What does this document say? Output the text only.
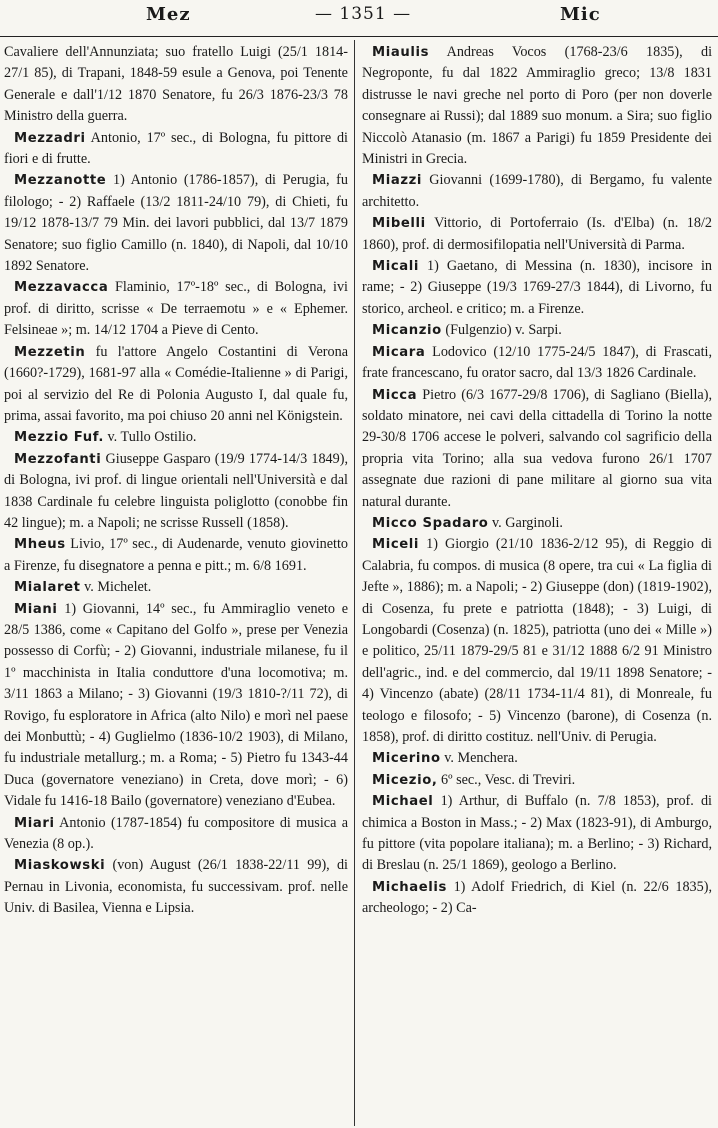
Mez	— 1351 —	Mic

Cavaliere dell'Annunziata; suo fratello Luigi (25/1 1814-27/1 85), di Trapani, 1848-59 esule a Genova, poi Tenente Generale e dall'1/12 1870 Senatore, fu 26/3 1876-23/3 78 Ministro della guerra.

Mezzadri Antonio, 17º sec., di Bologna, fu pittore di fiori e di frutte.

Mezzanotte 1) Antonio (1786-1857), di Perugia, fu filologo; - 2) Raffaele (13/2 1811-24/10 79), di Chieti, fu 19/12 1878-13/7 79 Min. dei lavori pubblici, dal 13/7 1879 Senatore; suo figlio Camillo (n. 1840), di Napoli, dal 10/10 1892 Senatore.

Mezzavacca Flaminio, 17º-18º sec., di Bologna, ivi prof. di diritto, scrisse « De terraemotu » e « Ephemer. Felsineae »; m. 14/12 1704 a Pieve di Cento.

Mezzetin fu l'attore Angelo Costantini di Verona (1660?-1729), 1681-97 alla « Comédie-Italienne » di Parigi, poi al servizio del Re di Polonia Augusto I, dal quale fu, prima, assai favorito, ma poi chiuso 20 anni nel Königstein.

Mezzio Fuf. v. Tullo Ostilio.

Mezzofanti Giuseppe Gasparo (19/9 1774-14/3 1849), di Bologna, ivi prof. di lingue orientali nell'Università e dal 1838 Cardinale fu celebre linguista poliglotto (conobbe fin 42 lingue); m. a Napoli; ne scrisse Russell (1858).

Mheus Livio, 17º sec., di Audenarde, venuto giovinetto a Firenze, fu disegnatore a penna e pitt.; m. 6/8 1691.

Mialaret v. Michelet.

Miani 1) Giovanni, 14º sec., fu Ammiraglio veneto e 28/5 1386, come « Capitano del Golfo », prese per Venezia possesso di Corfù; - 2) Giovanni, industriale milanese, fu il 1º macchinista in Italia conduttore d'una locomotiva; m. 3/11 1863 a Milano; - 3) Giovanni (19/3 1810-?/11 72), di Rovigo, fu esploratore in Africa (alto Nilo) e morì nel paese dei Monbuttù; - 4) Guglielmo (1836-10/2 1903), di Milano, fu industriale metallurg.; m. a Roma; - 5) Pietro fu 1343-44 Duca (governatore veneziano) in Creta, dove morì; - 6) Vidale fu 1416-18 Bailo (governatore) veneziano d'Eubea.

Miari Antonio (1787-1854) fu compositore di musica a Venezia (8 op.).

Miaskowski (von) August (26/1 1838-22/11 99), di Pernau in Livonia, economista, fu successivam. prof. nelle Univ. di Basilea, Vienna e Lipsia.

Miaulis Andreas Vocos (1768-23/6 1835), di Negroponte, fu dal 1822 Ammiraglio greco; 13/8 1831 distrusse le navi greche nel porto di Poro (per non doverle consegnare ai Russi); dal 1889 suo monum. a Sira; suo figlio Niccolò Atanasio (m. 1867 a Parigi) fu 1859 Presidente dei Ministri in Grecia.

Miazzi Giovanni (1699-1780), di Bergamo, fu valente architetto.

Mibelli Vittorio, di Portoferraio (Is. d'Elba) (n. 18/2 1860), prof. di dermosifilopatia nell'Università di Parma.

Micali 1) Gaetano, di Messina (n. 1830), incisore in rame; - 2) Giuseppe (19/3 1769-27/3 1844), di Livorno, fu storico, archeol. e critico; m. a Firenze.

Micanzio (Fulgenzio) v. Sarpi.

Micara Lodovico (12/10 1775-24/5 1847), di Frascati, frate francescano, fu orator sacro, dal 13/3 1826 Cardinale.

Micca Pietro (6/3 1677-29/8 1706), di Sagliano (Biella), soldato minatore, nei cavi della cittadella di Torino la notte 29-30/8 1706 accese le polveri, salvando col sagrificio della propria vita Torino; alla sua vedova furono 26/1 1707 assegnate due razioni di pane militare al giorno sua vita natural durante.

Micco Spadaro v. Garginoli.

Miceli 1) Giorgio (21/10 1836-2/12 95), di Reggio di Calabria, fu compos. di musica (8 opere, tra cui « La figlia di Jefte », 1886); m. a Napoli; - 2) Giuseppe (don) (1819-1902), di Cosenza, fu prete e patriotta (1848); - 3) Luigi, di Longobardi (Cosenza) (n. 1825), patriotta (uno dei « Mille ») e politico, 25/11 1879-29/5 81 e 31/12 1888 6/2 91 Ministro dell'agric., ind. e del commercio, dal 19/11 1898 Senatore; - 4) Vincenzo (abate) (28/11 1734-11/4 81), di Monreale, fu teologo e filosofo; - 5) Vincenzo (barone), di Cosenza (n. 1858), prof. di diritto costituz. nell'Univ. di Perugia.

Micerino v. Menchera.

Micezio, 6º sec., Vesc. di Treviri.

Michael 1) Arthur, di Buffalo (n. 7/8 1853), prof. di chimica a Boston in Mass.; - 2) Max (1823-91), di Amburgo, fu pittore (vita popolare italiana); m. a Berlino; - 3) Richard, di Breslau (n. 25/1 1869), geologo a Berlino.

Michaelis 1) Adolf Friedrich, di Kiel (n. 22/6 1835), archeologo; - 2) Ca-
